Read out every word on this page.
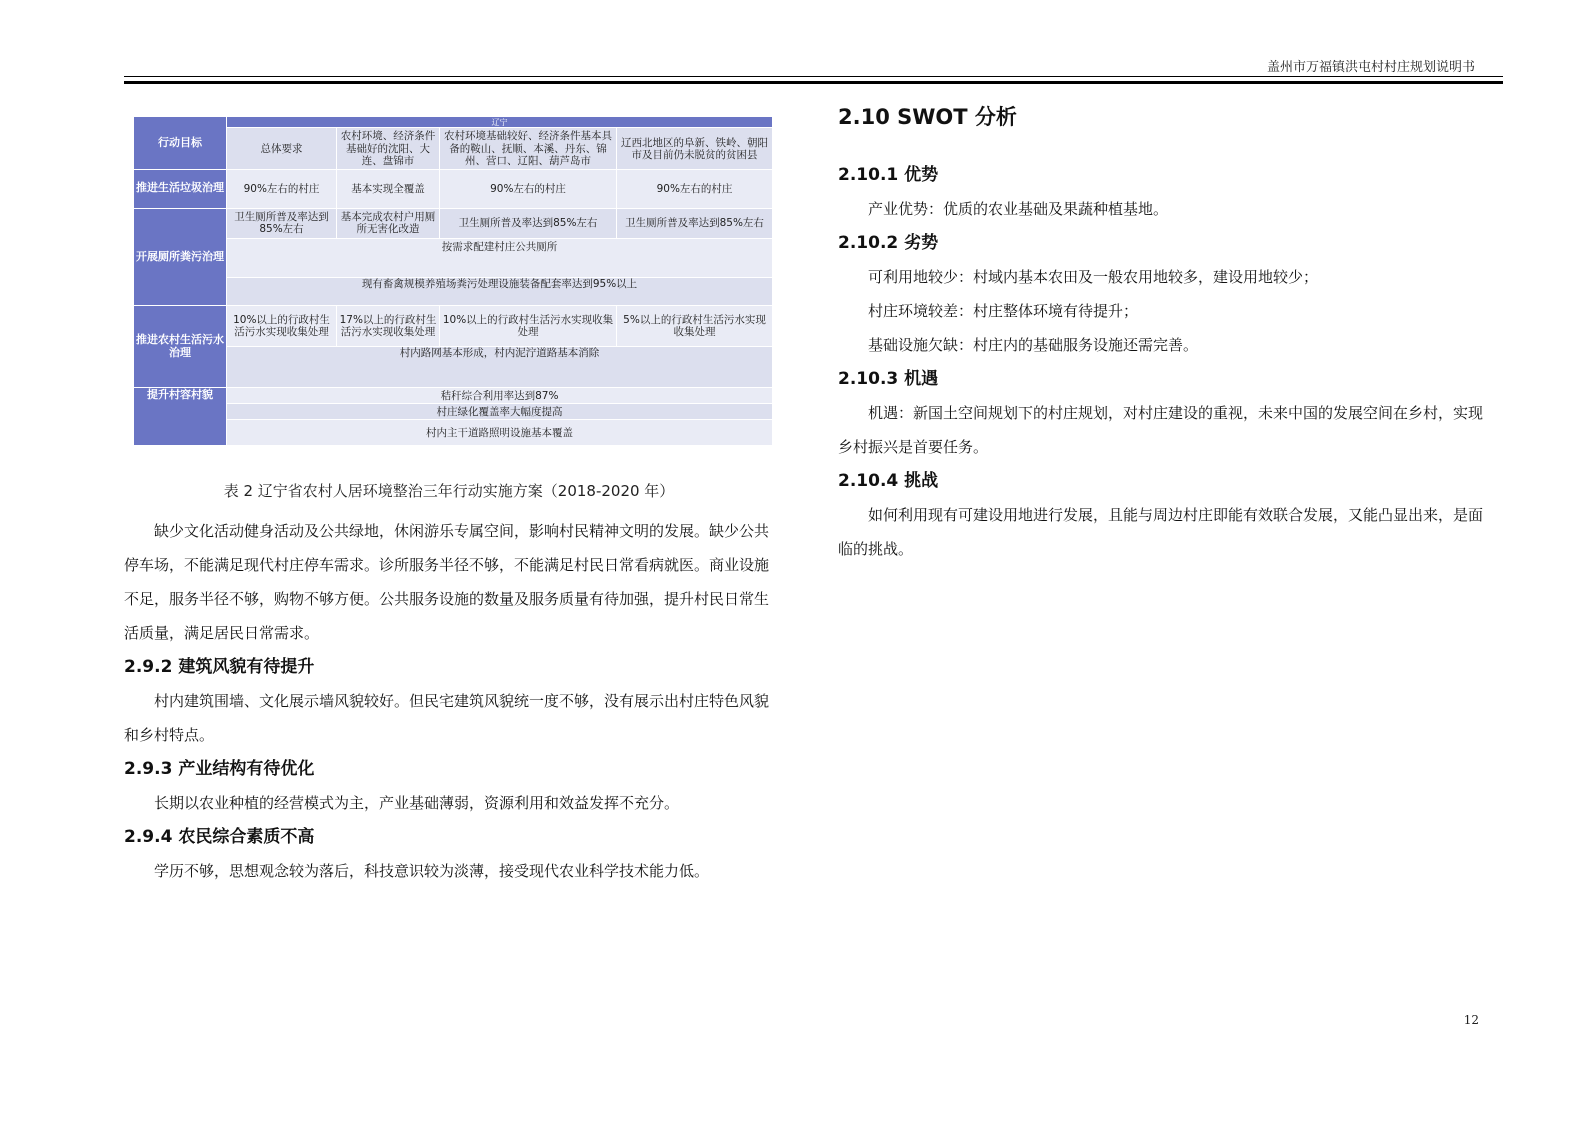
盖州市万福镇洪屯村村庄规划说明书
行动目标	辽宁			
	总体要求	农村环境、经济条件基础好的沈阳、大连、盘锦市	农村环境基础较好、经济条件基本具备的鞍山、抚顺、本溪、丹东、锦州、营口、辽阳、葫芦岛市	辽西北地区的阜新、铁岭、朝阳市及目前仍未脱贫的贫困县
推进生活垃圾治理	90%左右的村庄	基本实现全覆盖	90%左右的村庄	90%左右的村庄
开展厕所粪污治理	卫生厕所普及率达到85%左右	基本完成农村户用厕所无害化改造	卫生厕所普及率达到85%左右	卫生厕所普及率达到85%左右
	按需求配建村庄公共厕所			
	现有畜禽规模养殖场粪污处理设施装备配套率达到95%以上			
推进农村生活污水治理	10%以上的行政村生活污水实现收集处理	17%以上的行政村生活污水实现收集处理	10%以上的行政村生活污水实现收集处理	5%以上的行政村生活污水实现收集处理
	村内路网基本形成，村内泥泞道路基本消除			
提升村容村貌	秸秆综合利用率达到87%			
	村庄绿化覆盖率大幅度提高			
	村内主干道路照明设施基本覆盖			
表 2 辽宁省农村人居环境整治三年行动实施方案（2018-2020 年）

缺少文化活动健身活动及公共绿地，休闲游乐专属空间，影响村民精神文明的发展。缺少公共停车场，不能满足现代村庄停车需求。诊所服务半径不够，不能满足村民日常看病就医。商业设施不足，服务半径不够，购物不够方便。公共服务设施的数量及服务质量有待加强，提升村民日常生活质量，满足居民日常需求。

2.9.2 建筑风貌有待提升

村内建筑围墙、文化展示墙风貌较好。但民宅建筑风貌统一度不够，没有展示出村庄特色风貌和乡村特点。

2.9.3 产业结构有待优化

长期以农业种植的经营模式为主，产业基础薄弱，资源利用和效益发挥不充分。

2.9.4 农民综合素质不高

学历不够，思想观念较为落后，科技意识较为淡薄，接受现代农业科学技术能力低。

2.10 SWOT 分析
2.10.1 优势

产业优势：优质的农业基础及果蔬种植基地。

2.10.2 劣势

可利用地较少：村域内基本农田及一般农用地较多，建设用地较少；

村庄环境较差：村庄整体环境有待提升；

基础设施欠缺：村庄内的基础服务设施还需完善。

2.10.3 机遇

机遇：新国土空间规划下的村庄规划，对村庄建设的重视，未来中国的发展空间在乡村，实现乡村振兴是首要任务。

2.10.4 挑战

如何利用现有可建设用地进行发展，且能与周边村庄即能有效联合发展，又能凸显出来，是面临的挑战。

12
